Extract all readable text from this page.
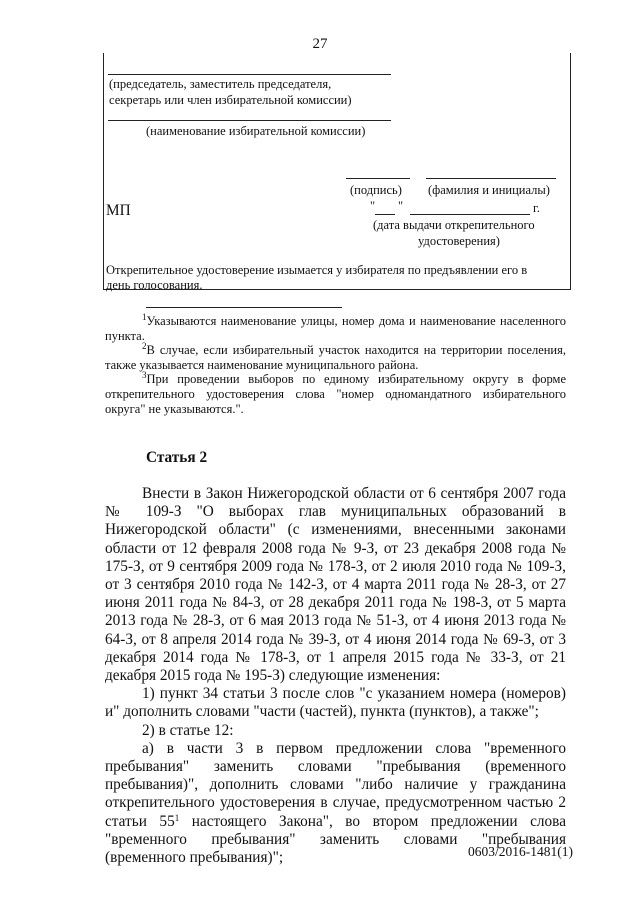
27
(председатель, заместитель председателя,
секретарь или член избирательной комиссии)
(наименование избирательной комиссии)
(подпись) (фамилия и инициалы)
МП	" "	г.
(дата выдачи открепительного
удостоверения)
Открепительное удостоверение изымается у избирателя по предъявлении его в
день голосования.

$^1$Указываются наименование улицы, номер дома и наименование населенного пункта.

$^2$В случае, если избирательный участок находится на территории поселения, также указывается наименование муниципального района.

$^3$При проведении выборов по единому избирательному округу в форме открепительного удостоверения слова "номер одномандатного избирательного округа" не указываются.".

Статья 2

Внести в Закон Нижегородской области от 6 сентября 2007 года № 109-З "О выборах глав муниципальных образований в Нижегородской области" (с изменениями, внесенными законами области от 12 февраля 2008 года № 9-З, от 23 декабря 2008 года № 175-З, от 9 сентября 2009 года № 178-З, от 2 июля 2010 года № 109-З, от 3 сентября 2010 года № 142-З, от 4 марта 2011 года № 28-З, от 27 июня 2011 года № 84-З, от 28 декабря 2011 года № 198-З, от 5 марта 2013 года № 28-З, от 6 мая 2013 года № 51-З, от 4 июня 2013 года № 64-З, от 8 апреля 2014 года № 39-З, от 4 июня 2014 года № 69-З, от 3 декабря 2014 года № 178-З, от 1 апреля 2015 года № 33-З, от 21 декабря 2015 года № 195-З) следующие изменения:

1) пункт 34 статьи 3 после слов "с указанием номера (номеров) и" дополнить словами "части (частей), пункта (пунктов), а также";

2) в статье 12:

а) в части 3 в первом предложении слова "временного пребывания" заменить словами "пребывания (временного пребывания)", дополнить словами "либо наличие у гражданина открепительного удостоверения в случае, предусмотренном частью 2 статьи $55^1$ настоящего Закона", во втором предложении слова "временного пребывания" заменить словами "пребывания (временного пребывания)";	0603/2016-1481(1)
